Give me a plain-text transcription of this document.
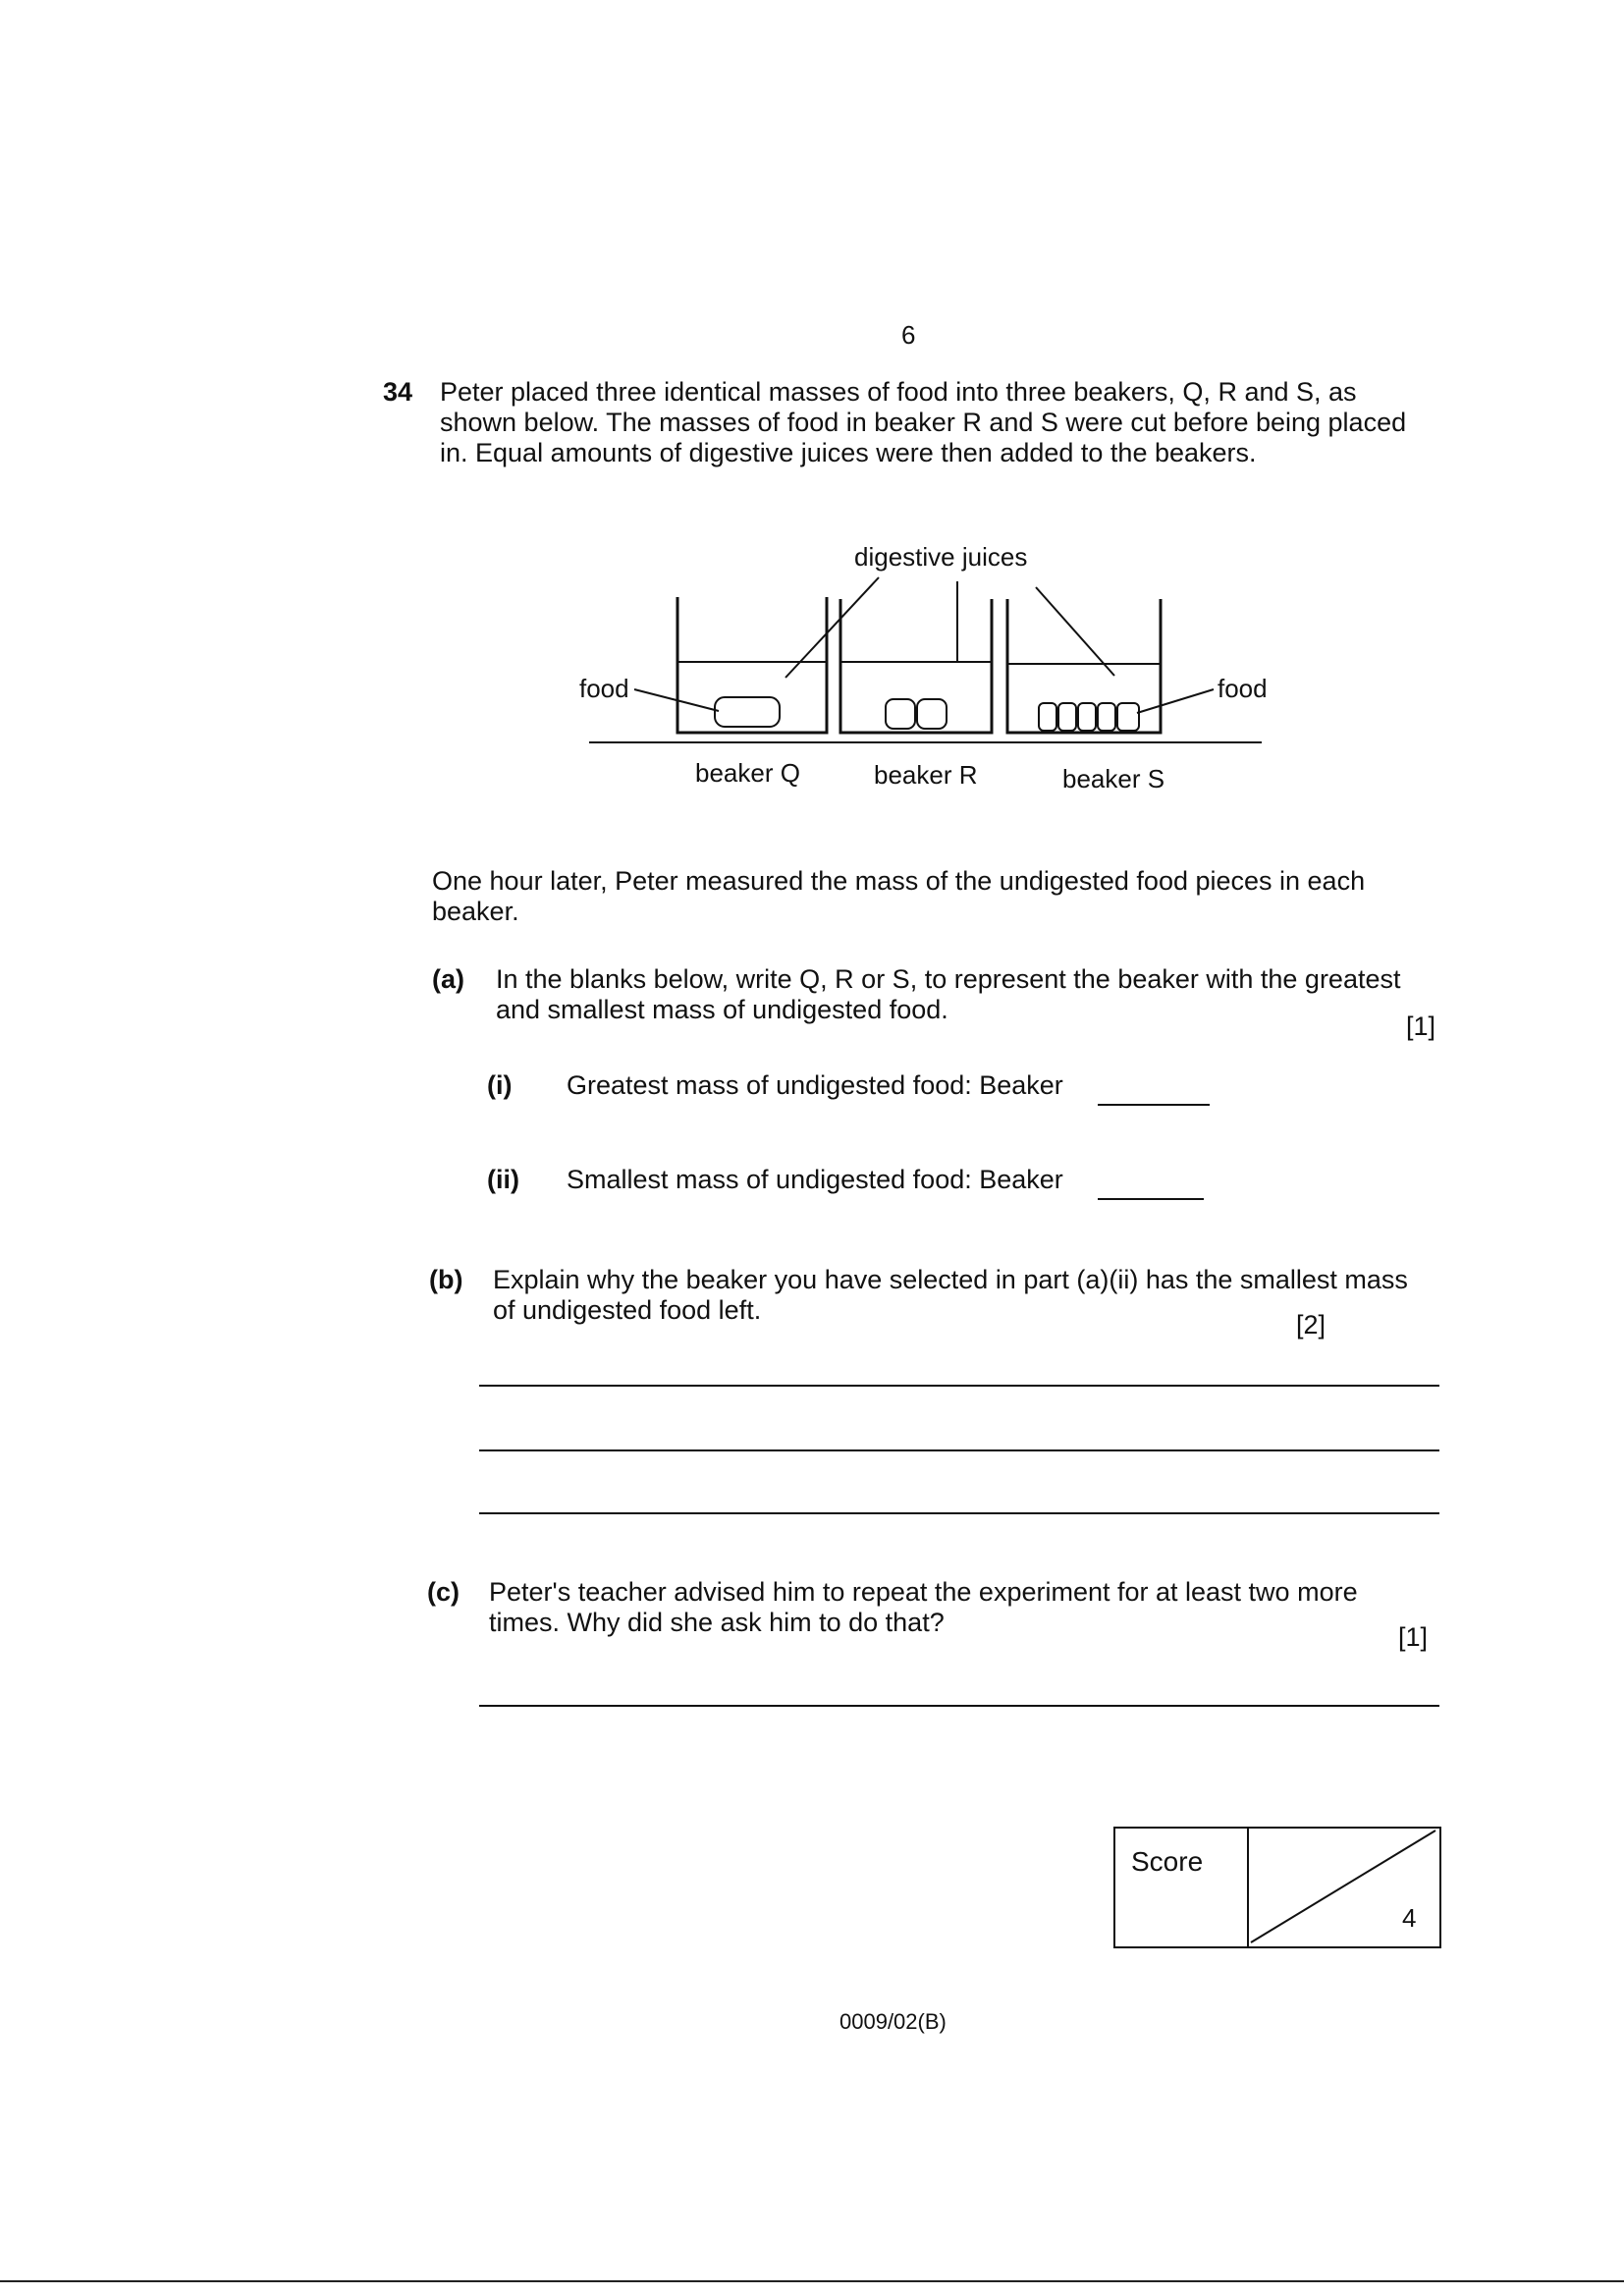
6
34 Peter placed three identical masses of food into three beakers, Q, R and S, as

shown below. The masses of food in beaker R and S were cut before being placed

in. Equal amounts of digestive juices were then added to the beakers.

digestive juices
food	food
beaker Q	beaker R	beaker S
One hour later, Peter measured the mass of the undigested food pieces in each
beaker.
(a) In the blanks below, write Q, R or S, to represent the beaker with the greatest
and smallest mass of undigested food.
[1]
(i) Greatest mass of undigested food: Beaker
(ii) Smallest mass of undigested food: Beaker
(b) Explain why the beaker you have selected in part (a)(ii) has the smallest mass
of undigested food left.	[2]
(c) Peter's teacher advised him to repeat the experiment for at least two more
times. Why did she ask him to do that?	[1]
Score
4
0009/02(B)
